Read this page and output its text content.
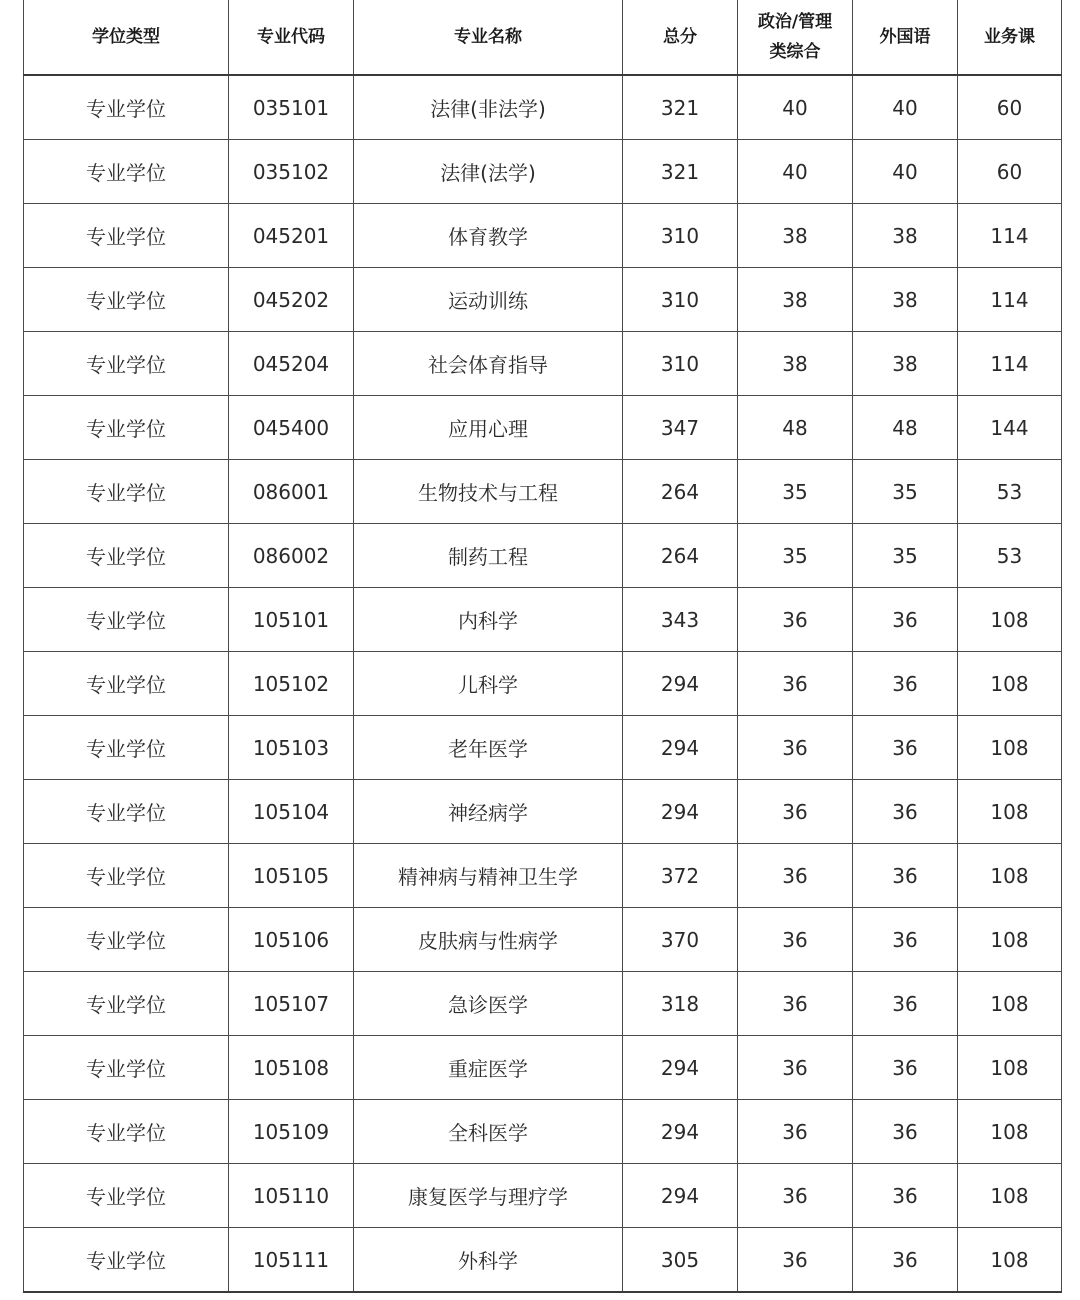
学位类型	专业代码	专业名称	总分	政治/管理类综合	外国语	业务课
专业学位	035101	法律(非法学)	321	40	40	60
专业学位	035102	法律(法学)	321	40	40	60
专业学位	045201	体育教学	310	38	38	114
专业学位	045202	运动训练	310	38	38	114
专业学位	045204	社会体育指导	310	38	38	114
专业学位	045400	应用心理	347	48	48	144
专业学位	086001	生物技术与工程	264	35	35	53
专业学位	086002	制药工程	264	35	35	53
专业学位	105101	内科学	343	36	36	108
专业学位	105102	儿科学	294	36	36	108
专业学位	105103	老年医学	294	36	36	108
专业学位	105104	神经病学	294	36	36	108
专业学位	105105	精神病与精神卫生学	372	36	36	108
专业学位	105106	皮肤病与性病学	370	36	36	108
专业学位	105107	急诊医学	318	36	36	108
专业学位	105108	重症医学	294	36	36	108
专业学位	105109	全科医学	294	36	36	108
专业学位	105110	康复医学与理疗学	294	36	36	108
专业学位	105111	外科学	305	36	36	108
